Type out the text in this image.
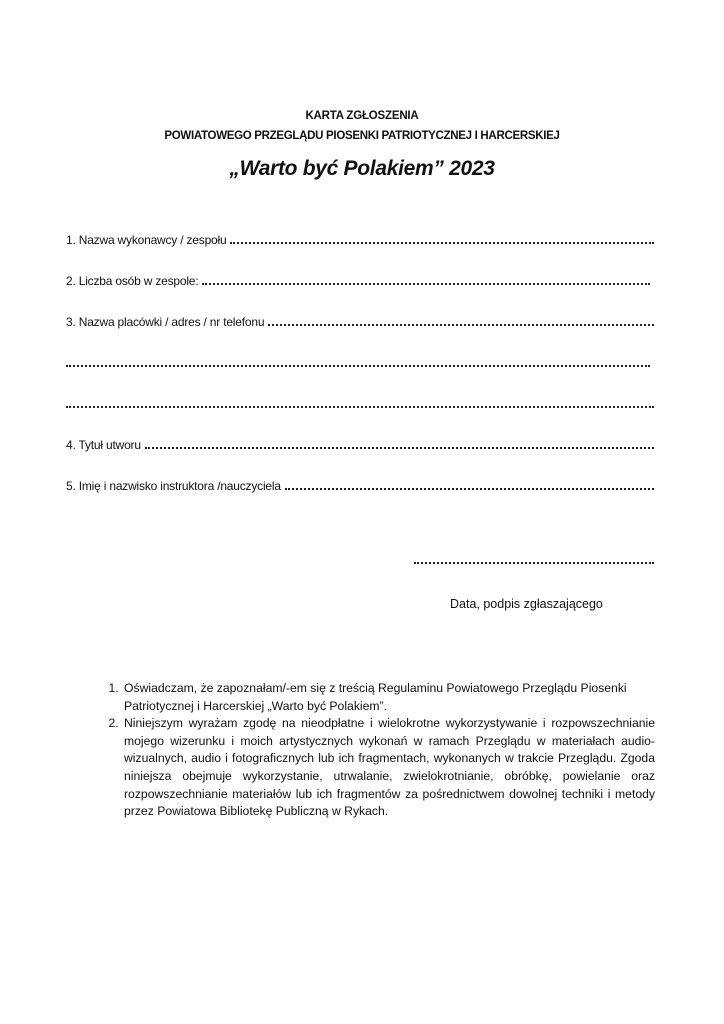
KARTA ZGŁOSZENIA
POWIATOWEGO PRZEGLĄDU PIOSENKI PATRIOTYCZNEJ I HARCERSKIEJ
„Warto być Polakiem” 2023
1. Nazwa wykonawcy / zespołu
2. Liczba osób w zespole:
3. Nazwa placówki / adres / nr telefonu
4. Tytuł utworu
5. Imię i nazwisko instruktora /nauczyciela
Data, podpis zgłaszającego
1. Oświadczam, że zapoznałam/-em się z treścią Regulaminu Powiatowego Przeglądu Piosenki Patriotycznej i Harcerskiej „Warto być Polakiem”.
2. Niniejszym wyrażam zgodę na nieodpłatne i wielokrotne wykorzystywanie i rozpowszechnianie mojego wizerunku i moich artystycznych wykonań w ramach Przeglądu w materiałach audio-wizualnych, audio i fotograficznych lub ich fragmentach, wykonanych w trakcie Przeglądu. Zgoda niniejsza obejmuje wykorzystanie, utrwalanie, zwielokrotnianie, obróbkę, powielanie oraz rozpowszechnianie materiałów lub ich fragmentów za pośrednictwem dowolnej techniki i metody przez Powiatowa Bibliotekę Publiczną w Rykach.
